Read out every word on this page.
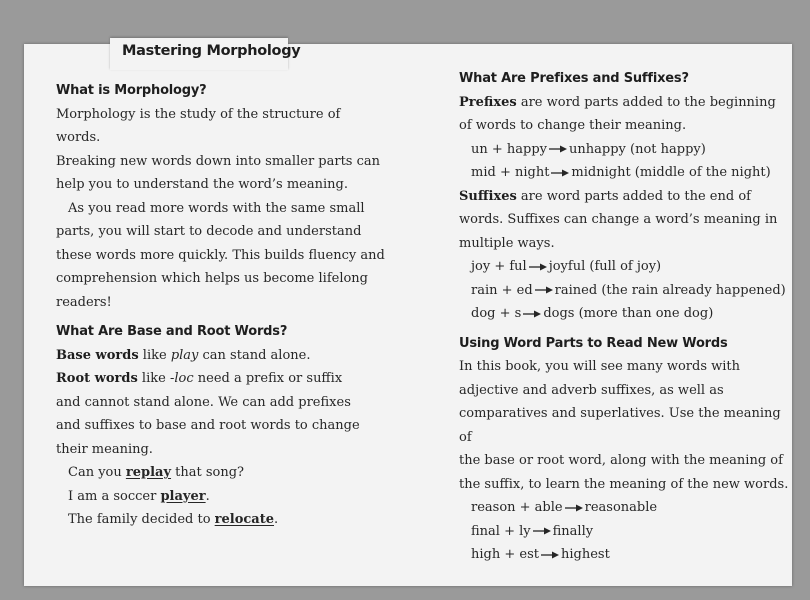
Mastering Morphology
What is Morphology?

Morphology is the study of the structure of words.

Breaking new words down into smaller parts can

help you to understand the word’s meaning.

As you read more words with the same small

parts, you will start to decode and understand

these words more quickly. This builds fluency and

comprehension which helps us become lifelong

readers!

What Are Base and Root Words?

Base words like play can stand alone.

Root words like -loc need a prefix or suffix

and cannot stand alone. We can add prefixes

and suffixes to base and root words to change

their meaning.

Can you replay that song?

I am a soccer player.

The family decided to relocate.

What Are Prefixes and Suffixes?

Prefixes are word parts added to the beginning

of words to change their meaning.

un + happy unhappy (not happy)

mid + night midnight (middle of the night)

Suffixes are word parts added to the end of

words. Suffixes can change a word’s meaning in

multiple ways.

joy + ful joyful (full of joy)

rain + ed rained (the rain already happened)

dog + s dogs (more than one dog)

Using Word Parts to Read New Words

In this book, you will see many words with

adjective and adverb suffixes, as well as

comparatives and superlatives. Use the meaning of

the base or root word, along with the meaning of

the suffix, to learn the meaning of the new words.

reason + able reasonable

final + ly finally

high + est highest
